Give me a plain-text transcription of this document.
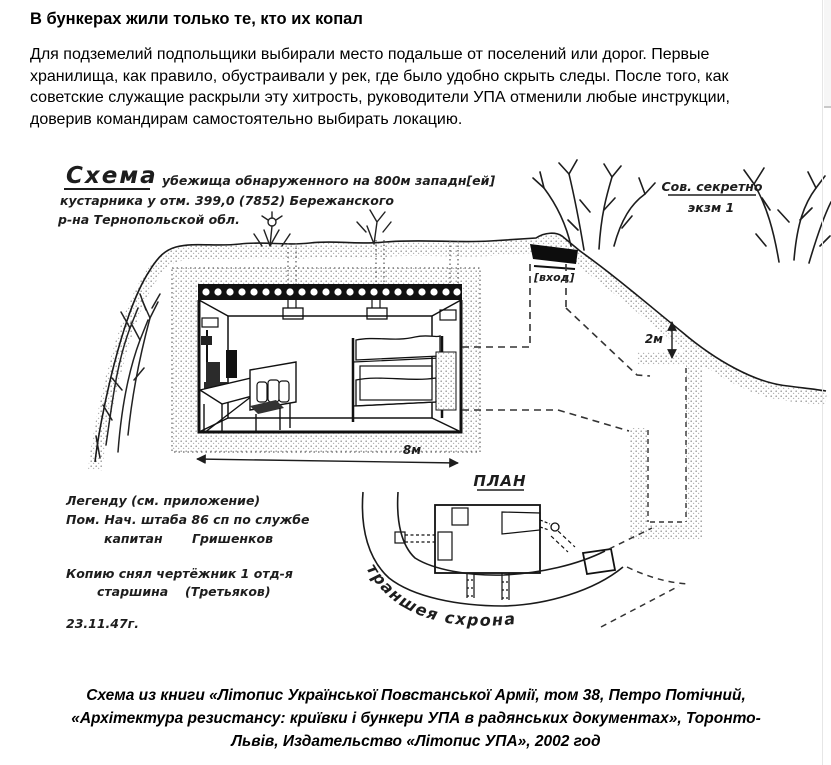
В бункерах жили только те, кто их копал
Для подземелий подпольщики выбирали место подальше от поселений или дорог. Первые хранилища, как правило, обустраивали у рек, где было удобно скрыть следы. После того, как советские служащие раскрыли эту хитрость, руководители УПА отменили любые инструкции, доверив командирам самостоятельно выбирать локацию.
[вход]
8м
2м
Схема убежища обнаруженного на 800м западн[ей]
кустарника у отм. 399,0 (7852) Бережанского
р-на Тернопольской обл.
Сов. секретно
экзм 1
Легенду (см. приложение)
Пом. Нач. штаба 86 сп по службе
капитан Гришенков
Копию снял чертёжник 1 отд-я
старшина (Третьяков)
23.11.47г.
ПЛАН
траншея схрона
Схема из книги «Літопис Української Повстанської Армії, том 38, Петро Потічний,
«Архітектура резистансу: криївки і бункери УПА в радянських документах», Торонто-
Львів, Издательство «Літопис УПА», 2002 год
